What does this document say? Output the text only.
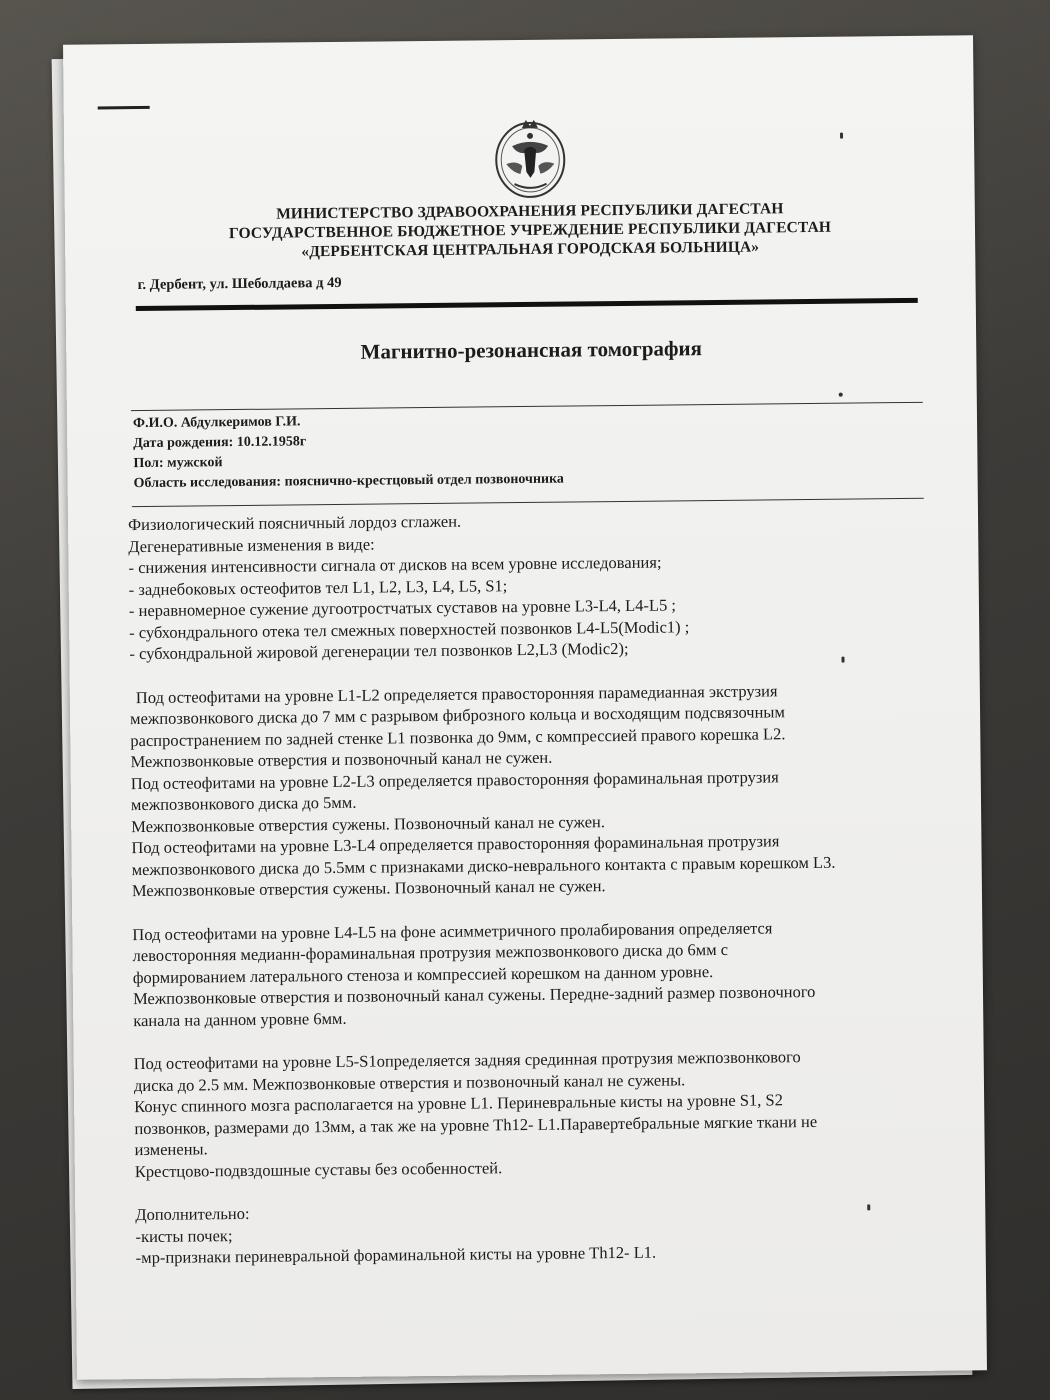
МИНИСТЕРСТВО ЗДРАВООХРАНЕНИЯ РЕСПУБЛИКИ ДАГЕСТАН
ГОСУДАРСТВЕННОЕ БЮДЖЕТНОЕ УЧРЕЖДЕНИЕ РЕСПУБЛИКИ ДАГЕСТАН
«ДЕРБЕНТСКАЯ ЦЕНТРАЛЬНАЯ ГОРОДСКАЯ БОЛЬНИЦА»
г. Дербент, ул. Шеболдаева д 49
Магнитно-резонансная томография
Ф.И.О. Абдулкеримов Г.И.
Дата рождения: 10.12.1958г
Пол: мужской
Область исследования: пояснично-крестцовый отдел позвоночника
Физиологический поясничный лордоз сглажен.
Дегенеративные изменения в виде:
- снижения интенсивности сигнала от дисков на всем уровне исследования;
- заднебоковых остеофитов тел L1, L2, L3, L4, L5, S1;
- неравномерное сужение дугоотростчатых суставов на уровне L3-L4, L4-L5 ;
- субхондрального отека тел смежных поверхностей позвонков L4-L5(Modic1) ;
- субхондральной жировой дегенерации тел позвонков L2,L3 (Modic2);
Под остеофитами на уровне L1-L2 определяется правосторонняя парамедианная экструзия
межпозвонкового диска до 7 мм с разрывом фиброзного кольца и восходящим подсвязочным
распространением по задней стенке L1 позвонка до 9мм, с компрессией правого корешка L2.
Межпозвонковые отверстия и позвоночный канал не сужен.
Под остеофитами на уровне L2-L3 определяется правосторонняя фораминальная протрузия
межпозвонкового диска до 5мм.
Межпозвонковые отверстия сужены. Позвоночный канал не сужен.
Под остеофитами на уровне L3-L4 определяется правосторонняя фораминальная протрузия
межпозвонкового диска до 5.5мм с признаками диско-неврального контакта с правым корешком L3.
Межпозвонковые отверстия сужены. Позвоночный канал не сужен.
Под остеофитами на уровне L4-L5 на фоне асимметричного пролабирования определяется
левосторонняя медианн-фораминальная протрузия межпозвонкового диска до 6мм с
формированием латерального стеноза и компрессией корешком на данном уровне.
Межпозвонковые отверстия и позвоночный канал сужены. Передне-задний размер позвоночного
канала на данном уровне 6мм.
Под остеофитами на уровне L5-S1определяется задняя срединная протрузия межпозвонкового
диска до 2.5 мм. Межпозвонковые отверстия и позвоночный канал не сужены.
Конус спинного мозга располагается на уровне L1. Периневральные кисты на уровне S1, S2
позвонков, размерами до 13мм, а так же на уровне Th12- L1.Паравертебральные мягкие ткани не
изменены.
Крестцово-подвздошные суставы без особенностей.
Дополнительно:
-кисты почек;
-мр-признаки периневральной фораминальной кисты на уровне Th12- L1.
